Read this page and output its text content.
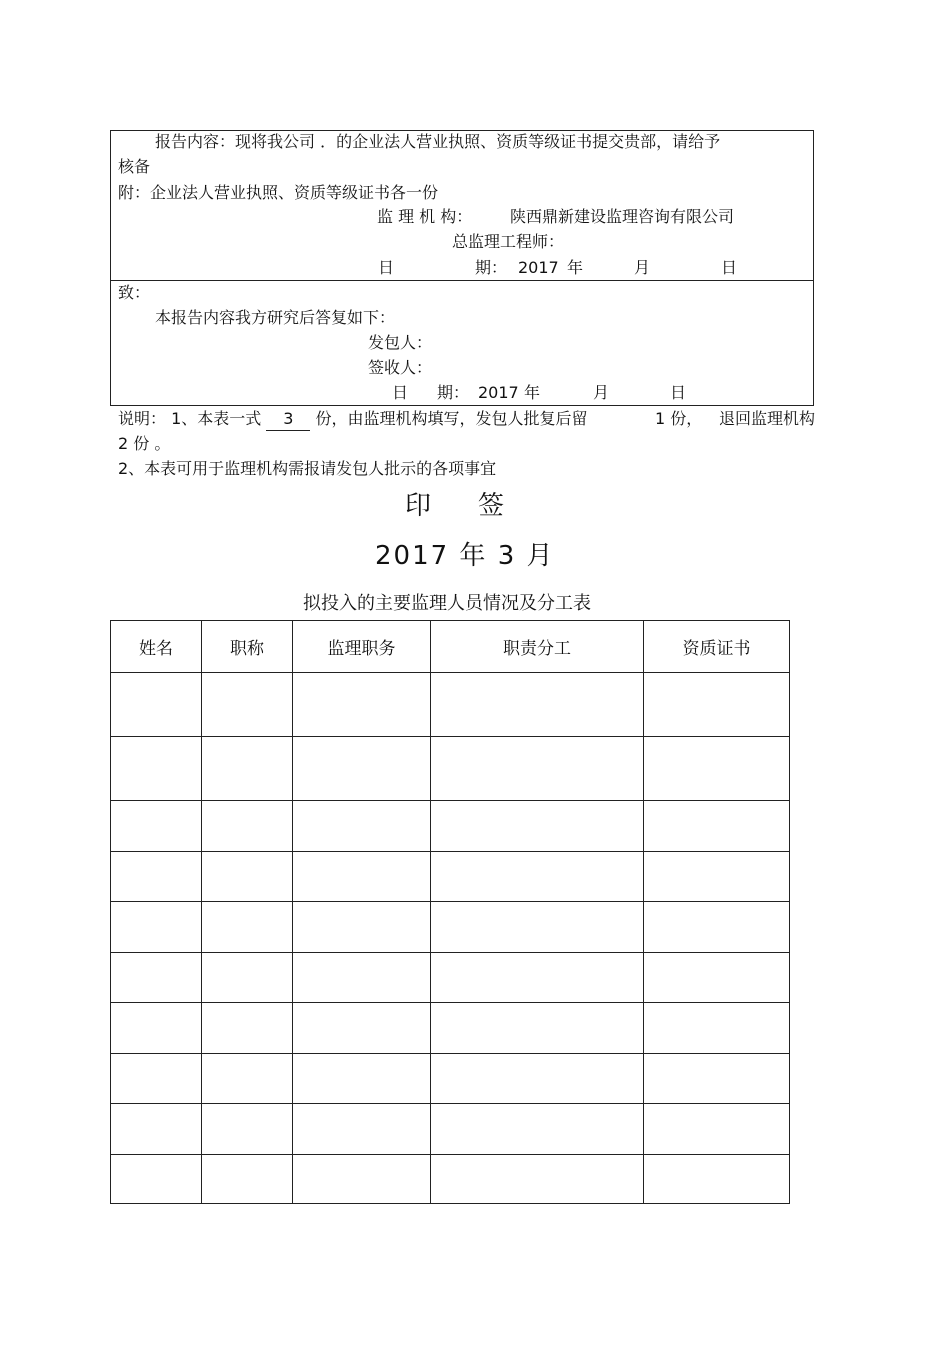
报告内容：现将我公司 ．的企业法人营业执照、资质等级证书提交贵部，请给予
核备
附：企业法人营业执照、资质等级证书各一份
监 理 机 构： 陕西鼎新建设监理咨询有限公司
总监理工程师：
日	期： 2017 年	月	日
致：
本报告内容我方研究后答复如下：
发包人：
签收人：
日 期： 2017 年	月	日
说明： 1、本表一式 3 份，由监理机构填写，发包人批复后留	1 份， 退回监理机构
2 份 。
2、本表可用于监理机构需报请发包人批示的各项事宜
印 签
2017 年 3 月
拟投入的主要监理人员情况及分工表
姓名	职称	监理职务	职责分工	资质证书
